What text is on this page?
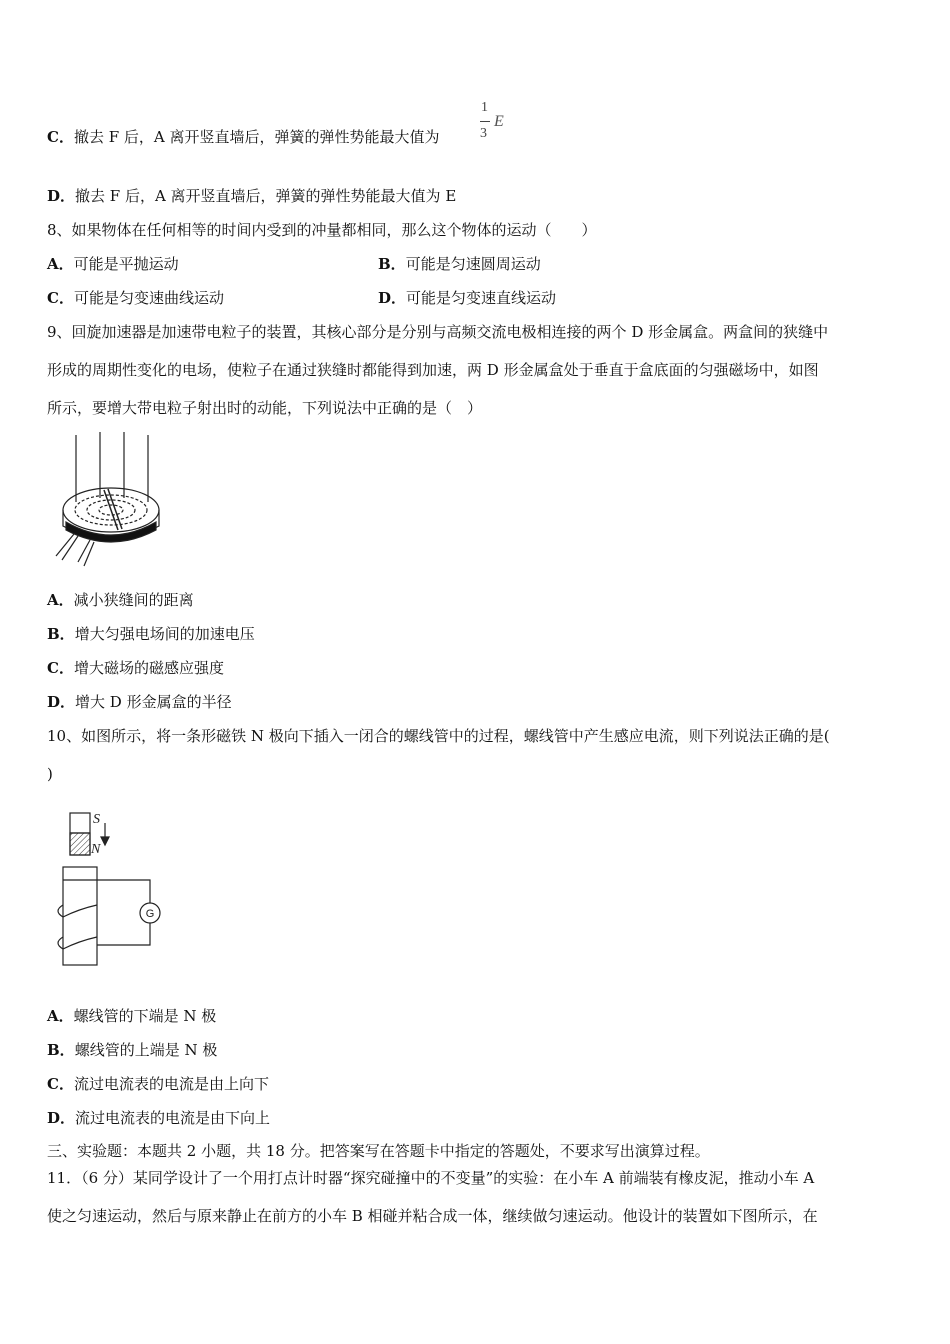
C．撤去 F 后，A 离开竖直墙后，弹簧的弹性势能最大值为
1
3
E
D．撤去 F 后，A 离开竖直墙后，弹簧的弹性势能最大值为 E
8、如果物体在任何相等的时间内受到的冲量都相同，那么这个物体的运动（　　）
A．可能是平抛运动	B．可能是匀速圆周运动
C．可能是匀变速曲线运动	D．可能是匀变速直线运动
9、回旋加速器是加速带电粒子的装置，其核心部分是分别与高频交流电极相连接的两个 D 形金属盒。两盒间的狭缝中
形成的周期性变化的电场，使粒子在通过狭缝时都能得到加速，两 D 形金属盒处于垂直于盒底面的匀强磁场中，如图
所示，要增大带电粒子射出时的动能，下列说法中正确的是（　）
A．减小狭缝间的距离
B．增大匀强电场间的加速电压
C．增大磁场的磁感应强度
D．增大 D 形金属盒的半径
10、如图所示，将一条形磁铁 N 极向下插入一闭合的螺线管中的过程，螺线管中产生感应电流，则下列说法正确的是(
)
S
N
G
A．螺线管的下端是 N 极
B．螺线管的上端是 N 极
C．流过电流表的电流是由上向下
D．流过电流表的电流是由下向上
三、实验题：本题共 2 小题，共 18 分。把答案写在答题卡中指定的答题处，不要求写出演算过程。
11．（6 分）某同学设计了一个用打点计时器“探究碰撞中的不变量”的实验：在小车 A 前端装有橡皮泥，推动小车 A
使之匀速运动，然后与原来静止在前方的小车 B 相碰并粘合成一体，继续做匀速运动。他设计的装置如下图所示，在
